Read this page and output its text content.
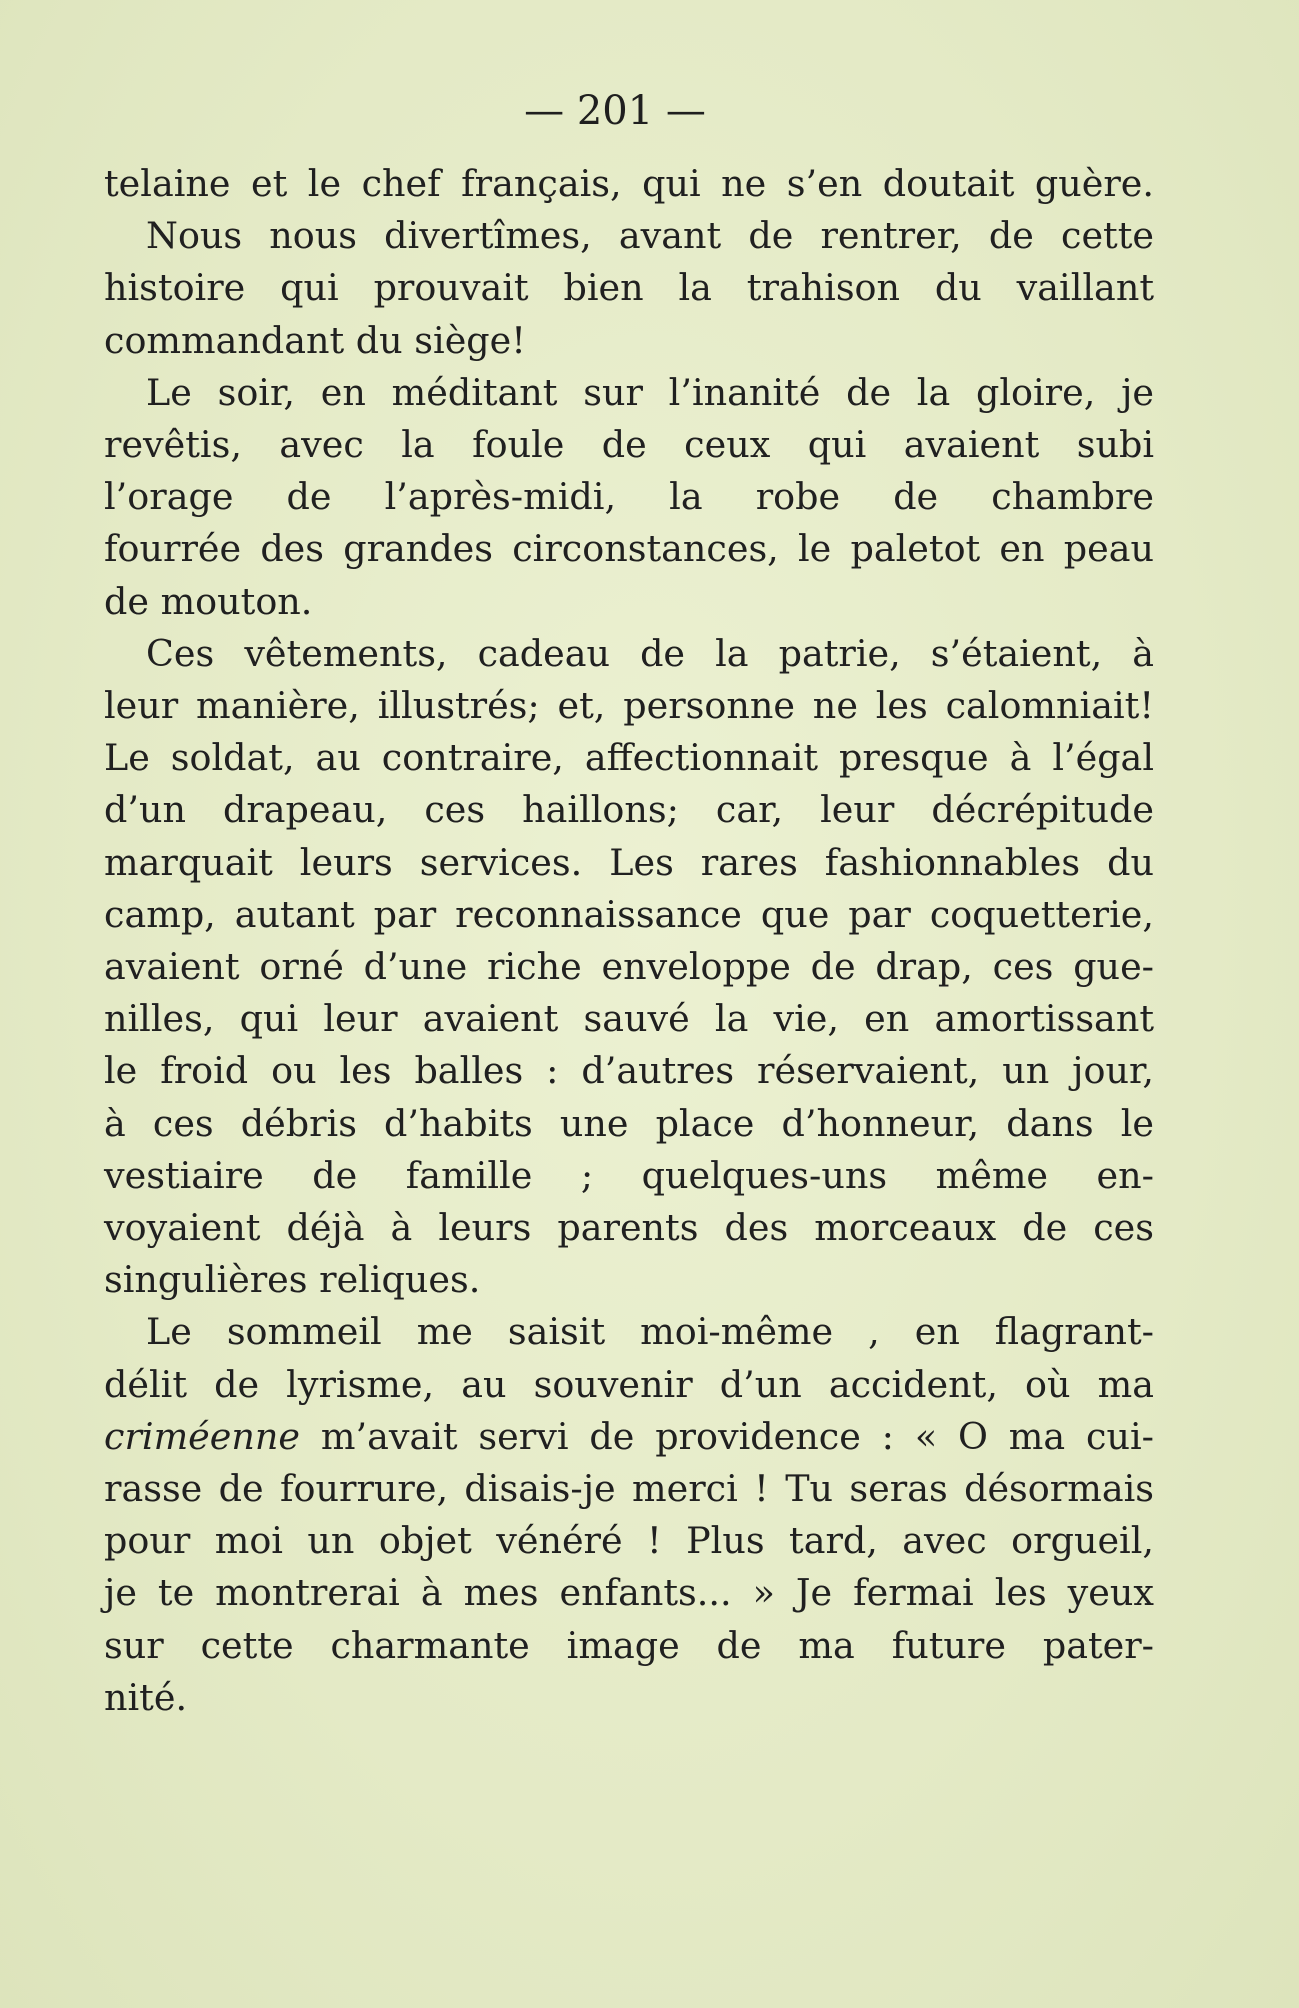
— 201 —
telaine et le chef français, qui ne s’en doutait guère.
Nous nous divertîmes, avant de rentrer, de cette
histoire qui prouvait bien la trahison du vaillant
commandant du siège!
Le soir, en méditant sur l’inanité de la gloire, je
revêtis, avec la foule de ceux qui avaient subi
l’orage de l’après-midi, la robe de chambre
fourrée des grandes circonstances, le paletot en peau
de mouton.
Ces vêtements, cadeau de la patrie, s’étaient, à
leur manière, illustrés; et, personne ne les calomniait!
Le soldat, au contraire, affectionnait presque à l’égal
d’un drapeau, ces haillons; car, leur décrépitude
marquait leurs services. Les rares fashionnables du
camp, autant par reconnaissance que par coquetterie,
avaient orné d’une riche enveloppe de drap, ces gue-
nilles, qui leur avaient sauvé la vie, en amortissant
le froid ou les balles : d’autres réservaient, un jour,
à ces débris d’habits une place d’honneur, dans le
vestiaire de famille ; quelques-uns même en-
voyaient déjà à leurs parents des morceaux de ces
singulières reliques.
Le sommeil me saisit moi-même , en flagrant-
délit de lyrisme, au souvenir d’un accident, où ma
criméenne m’avait servi de providence : « O ma cui-
rasse de fourrure, disais-je merci ! Tu seras désormais
pour moi un objet vénéré ! Plus tard, avec orgueil,
je te montrerai à mes enfants... » Je fermai les yeux
sur cette charmante image de ma future pater-
nité.
